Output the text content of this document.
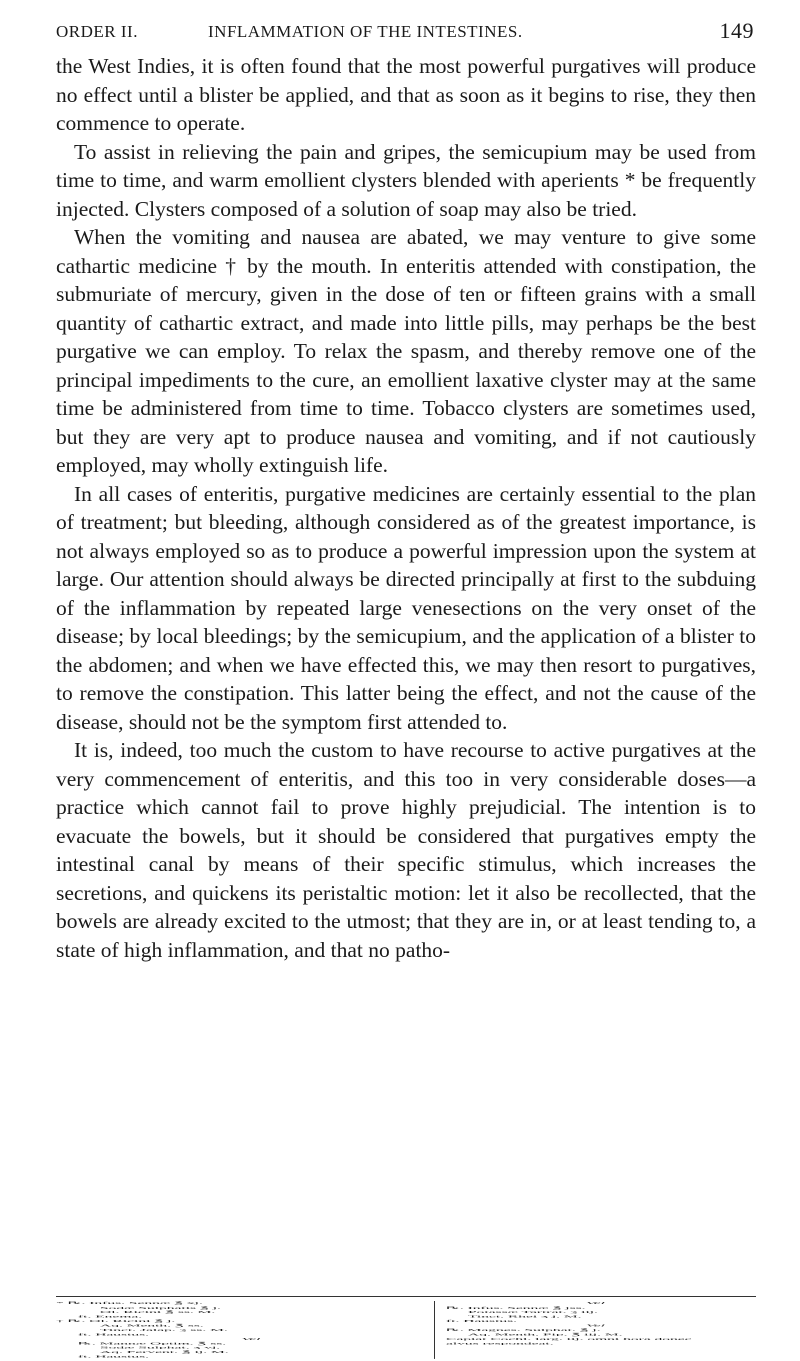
ORDER II.	INFLAMMATION OF THE INTESTINES.	149

the West Indies, it is often found that the most powerful purgatives will produce no effect until a blister be applied, and that as soon as it begins to rise, they then commence to operate.

To assist in relieving the pain and gripes, the semicupium may be used from time to time, and warm emollient clysters blended with aperients * be frequently injected. Clysters composed of a solution of soap may also be tried.

When the vomiting and nausea are abated, we may venture to give some cathartic medicine † by the mouth. In enteritis attended with constipation, the submuriate of mercury, given in the dose of ten or fifteen grains with a small quantity of cathartic extract, and made into little pills, may perhaps be the best purgative we can employ. To relax the spasm, and thereby remove one of the principal impediments to the cure, an emollient laxative clyster may at the same time be administered from time to time. Tobacco clysters are sometimes used, but they are very apt to produce nausea and vomiting, and if not cautiously employed, may wholly extinguish life.

In all cases of enteritis, purgative medicines are certainly essential to the plan of treatment; but bleeding, although considered as of the greatest importance, is not always employed so as to produce a powerful impression upon the system at large. Our attention should always be directed principally at first to the subduing of the inflammation by repeated large venesections on the very onset of the disease; by local bleedings; by the semicupium, and the application of a blister to the abdomen; and when we have effected this, we may then resort to purgatives, to remove the constipation. This latter being the effect, and not the cause of the disease, should not be the symptom first attended to.

It is, indeed, too much the custom to have recourse to active purgatives at the very commencement of enteritis, and this too in very considerable doses—a practice which cannot fail to prove highly prejudicial. The intention is to evacuate the bowels, but it should be considered that purgatives empty the intestinal canal by means of their specific stimulus, which increases the secretions, and quickens its peristaltic motion: let it also be recollected, that the bowels are already excited to the utmost; that they are in, or at least tending to, a state of high inflammation, and that no patho-

* ℞. Infus. Sennæ ℥ xj.
Sodæ Sulphatis ℥ j.
Ol. Ricini ℥ ss. M.
ft. Enema.
† ℞. Ol. Ricini ℥ j.
Aq. Menth. ℥ ss.
Tinct. Jalap. ʒ ss. M.
ft. Haustus.
Vel
℞. Mannæ Optim. ℥ ss.
Sodæ Sulphat. ʒ vj.
Aq. Fervent. ℥ ij. M.
ft. Haustus.
Vel
℞. Infus. Sennæ ℥ jss.
Potassæ Tartrat. ʒ iij.
Tinct. Rhei ʒ j. M.
ft. Haustus.
Vel
℞. Magnes. Sulphat. ℥ j.
Aq. Menth. Pip. ℥ iij. M.
Capiat Cochl. larg. iij. omni hora donec
alvus respondeat.
